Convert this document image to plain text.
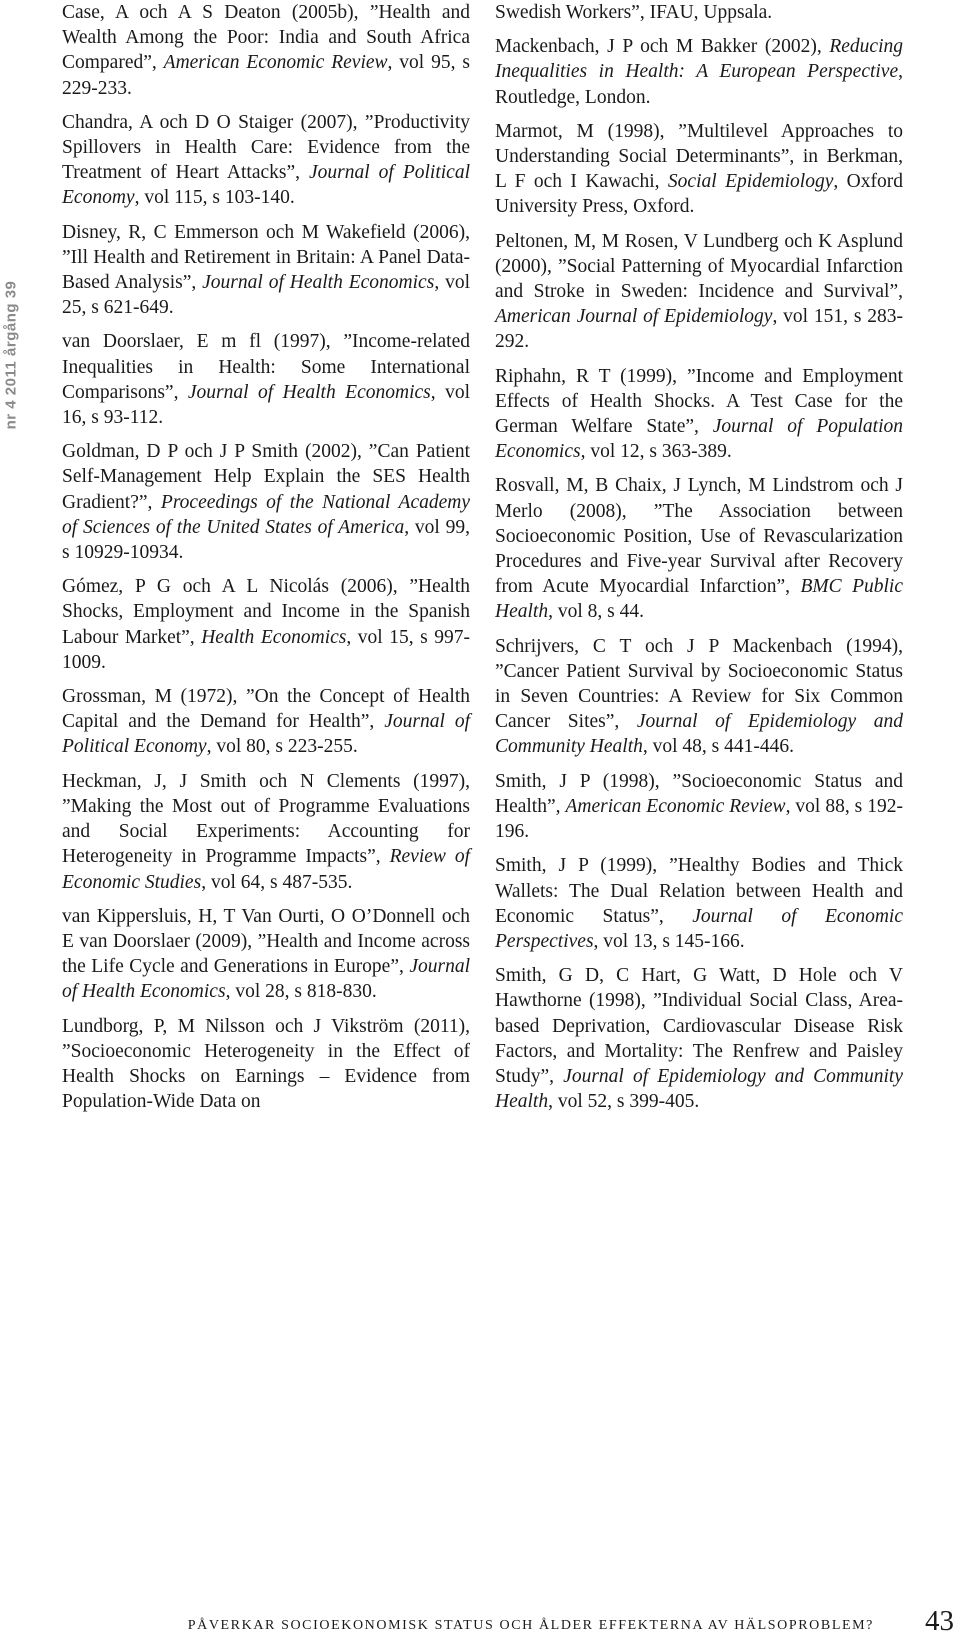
nr 4 2011 årgång 39

Case, A och A S Deaton (2005b), ”Health and Wealth Among the Poor: India and South Africa Compared”, American Economic Review, vol 95, s 229-233.

Chandra, A och D O Staiger (2007), ”Productivity Spillovers in Health Care: Evidence from the Treatment of Heart Attacks”, Journal of Political Economy, vol 115, s 103-140.

Disney, R, C Emmerson och M Wakefield (2006), ”Ill Health and Retirement in Britain: A Panel Data-Based Analysis”, Journal of Health Economics, vol 25, s 621-649.

van Doorslaer, E m fl (1997), ”Income-related Inequalities in Health: Some International Comparisons”, Journal of Health Economics, vol 16, s 93-112.

Goldman, D P och J P Smith (2002), ”Can Patient Self-Management Help Explain the SES Health Gradient?”, Proceedings of the National Academy of Sciences of the United States of America, vol 99, s 10929-10934.

Gómez, P G och A L Nicolás (2006), ”Health Shocks, Employment and Income in the Spanish Labour Market”, Health Economics, vol 15, s 997-1009.

Grossman, M (1972), ”On the Concept of Health Capital and the Demand for Health”, Journal of Political Economy, vol 80, s 223-255.

Heckman, J, J Smith och N Clements (1997), ”Making the Most out of Programme Evaluations and Social Experiments: Accounting for Heterogeneity in Programme Impacts”, Review of Economic Studies, vol 64, s 487-535.

van Kippersluis, H, T Van Ourti, O O’Donnell och E van Doorslaer (2009), ”Health and Income across the Life Cycle and Generations in Europe”, Journal of Health Economics, vol 28, s 818-830.

Lundborg, P, M Nilsson och J Vikström (2011), ”Socioeconomic Heterogeneity in the Effect of Health Shocks on Earnings – Evidence from Population-Wide Data on

Swedish Workers”, IFAU, Uppsala.

Mackenbach, J P och M Bakker (2002), Reducing Inequalities in Health: A European Perspective, Routledge, London.

Marmot, M (1998), ”Multilevel Approaches to Understanding Social Determinants”, in Berkman, L F och I Kawachi, Social Epidemiology, Oxford University Press, Oxford.

Peltonen, M, M Rosen, V Lundberg och K Asplund (2000), ”Social Patterning of Myocardial Infarction and Stroke in Sweden: Incidence and Survival”, American Journal of Epidemiology, vol 151, s 283-292.

Riphahn, R T (1999), ”Income and Employment Effects of Health Shocks. A Test Case for the German Welfare State”, Journal of Population Economics, vol 12, s 363-389.

Rosvall, M, B Chaix, J Lynch, M Lindstrom och J Merlo (2008), ”The Association between Socioeconomic Position, Use of Revascularization Procedures and Five-year Survival after Recovery from Acute Myocardial Infarction”, BMC Public Health, vol 8, s 44.

Schrijvers, C T och J P Mackenbach (1994), ”Cancer Patient Survival by Socioeconomic Status in Seven Countries: A Review for Six Common Cancer Sites”, Journal of Epidemiology and Community Health, vol 48, s 441-446.

Smith, J P (1998), ”Socioeconomic Status and Health”, American Economic Review, vol 88, s 192-196.

Smith, J P (1999), ”Healthy Bodies and Thick Wallets: The Dual Relation between Health and Economic Status”, Journal of Economic Perspectives, vol 13, s 145-166.

Smith, G D, C Hart, G Watt, D Hole och V Hawthorne (1998), ”Individual Social Class, Area-based Deprivation, Cardiovascular Disease Risk Factors, and Mortality: The Renfrew and Paisley Study”, Journal of Epidemiology and Community Health, vol 52, s 399-405.

PÅVERKAR SOCIOEKONOMISK STATUS OCH ÅLDER EFFEKTERNA AV HÄLSOPROBLEM? 43
